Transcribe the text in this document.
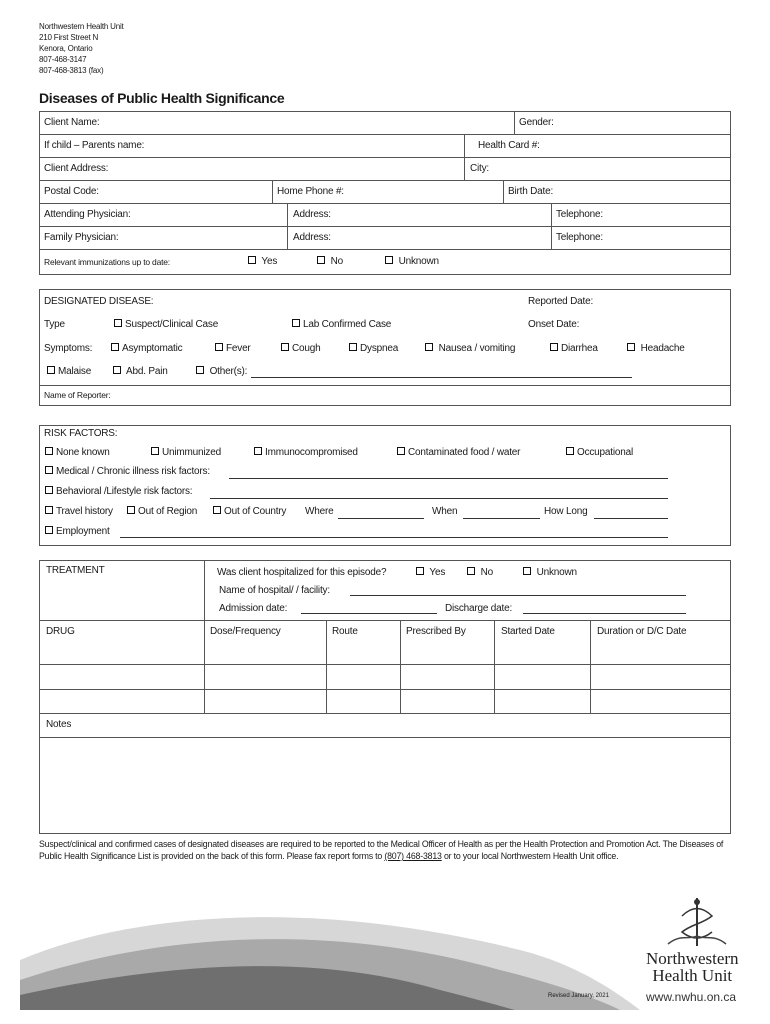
Northwestern Health Unit
210 First Street N
Kenora, Ontario
807-468-3147
807-468-3813 (fax)
Diseases of Public Health Significance
Client Name:	Gender:
If child – Parents name:	Health Card #:
Client Address:	City:
Postal Code:	Home Phone #:	Birth Date:
Attending Physician:	Address:	Telephone:
Family Physician:	Address:	Telephone:
Relevant immunizations up to date:	Yes	No	Unknown
DESIGNATED DISEASE:	Reported Date:
Type	Suspect/Clinical Case	Lab Confirmed Case	Onset Date:
Symptoms:	Asymptomatic	Fever	Cough	Dyspnea	Nausea / vomiting	Diarrhea	Headache
Malaise	Abd. Pain	Other(s):
Name of Reporter:
RISK FACTORS:
None known	Unimmunized	Immunocompromised	Contaminated food / water	Occupational
Medical / Chronic illness risk factors:
Behavioral /Lifestyle risk factors:
Travel history	Out of Region	Out of Country Where	When	How Long
Employment
TREATMENT	Was client hospitalized for this episode?	Yes	No	Unknown
Name of hospital/ / facility:
Admission date:	Discharge date:
DRUG	Dose/Frequency	Route	Prescribed By	Started Date	Duration or D/C Date
Notes
Suspect/clinical and confirmed cases of designated diseases are required to be reported to the Medical Officer of Health as per the Health Protection and Promotion Act. The Diseases of Public Health Significance List is provided on the back of this form. Please fax report forms to (807) 468-3813 or to your local Northwestern Health Unit office.
Revised January, 2021
Northwestern
Health Unit
www.nwhu.on.ca
